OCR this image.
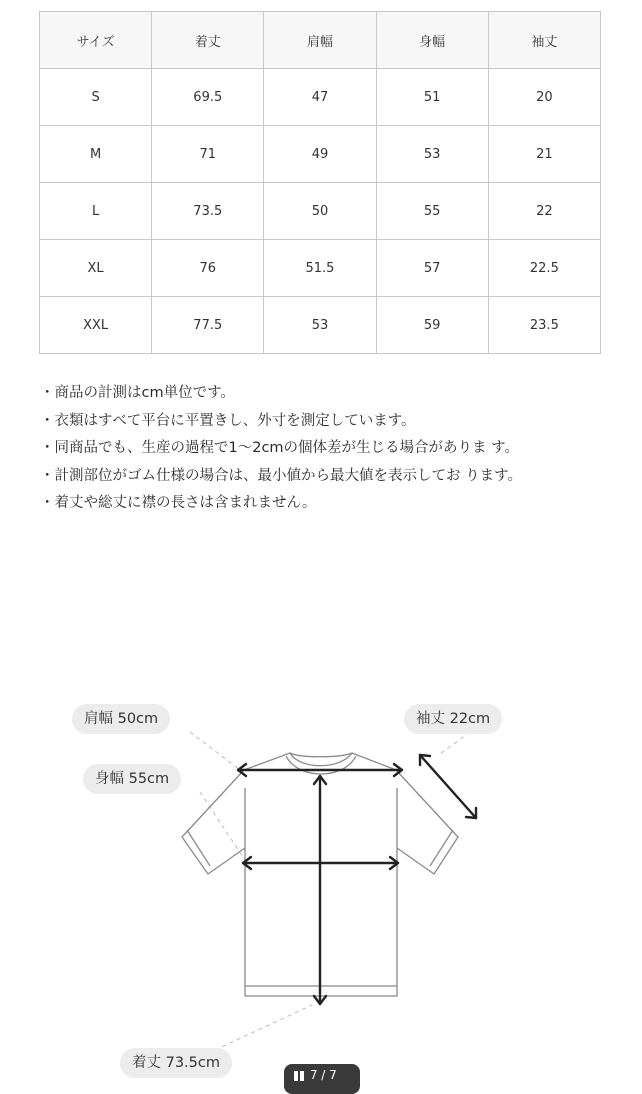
サイズ	着丈	肩幅	身幅	袖丈
S	69.5	47	51	20
M	71	49	53	21
L	73.5	50	55	22
XL	76	51.5	57	22.5
XXL	77.5	53	59	23.5
・商品の計測はcm単位です。
・衣類はすべて平台に平置きし、外寸を測定しています。
・同商品でも、生産の過程で1〜2cmの個体差が生じる場合がありま す。
・計測部位がゴム仕様の場合は、最小値から最大値を表示してお ります。
・着丈や総丈に襟の長さは含まれません。
肩幅 50cm	袖丈 22cm
身幅 55cm
着丈 73.5cm
7 / 7
